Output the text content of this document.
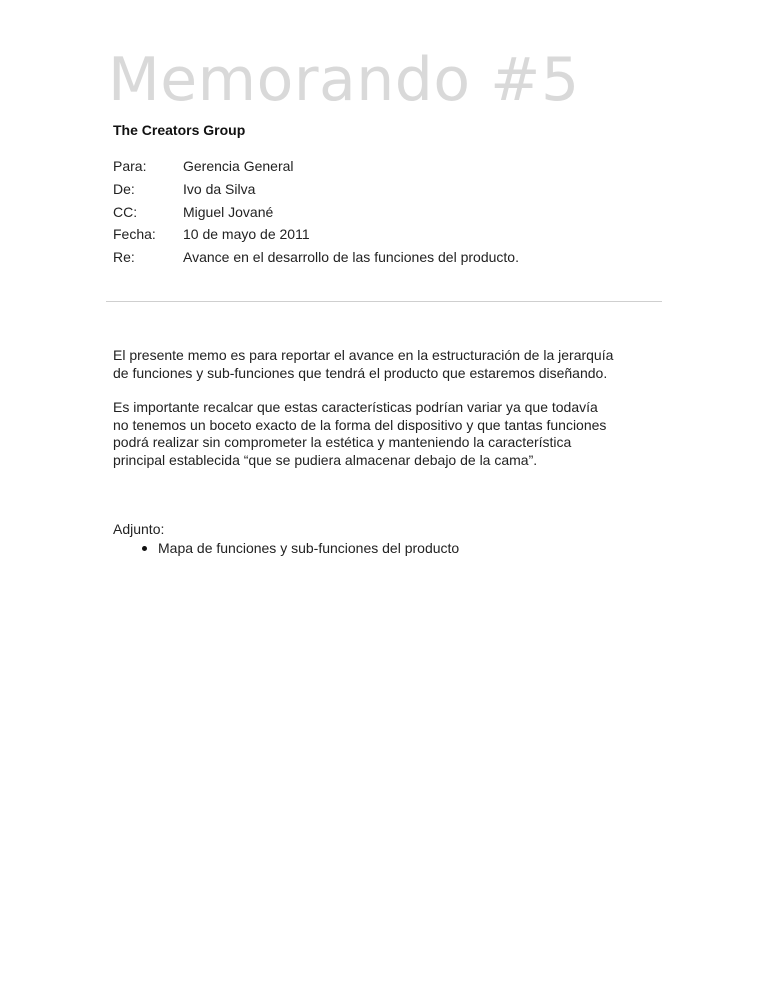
Memorando #5
The Creators Group
Para:	Gerencia General
De:	Ivo da Silva
CC:	Miguel Jované
Fecha:	10 de mayo de 2011
Re:	Avance en el desarrollo de las funciones del producto.

El presente memo es para reportar el avance en la estructuración de la jerarquía
de funciones y sub-funciones que tendrá el producto que estaremos diseñando.

Es importante recalcar que estas características podrían variar ya que todavía
no tenemos un boceto exacto de la forma del dispositivo y que tantas funciones
podrá realizar sin comprometer la estética y manteniendo la característica
principal establecida “que se pudiera almacenar debajo de la cama”.

Adjunto:
Mapa de funciones y sub-funciones del producto
